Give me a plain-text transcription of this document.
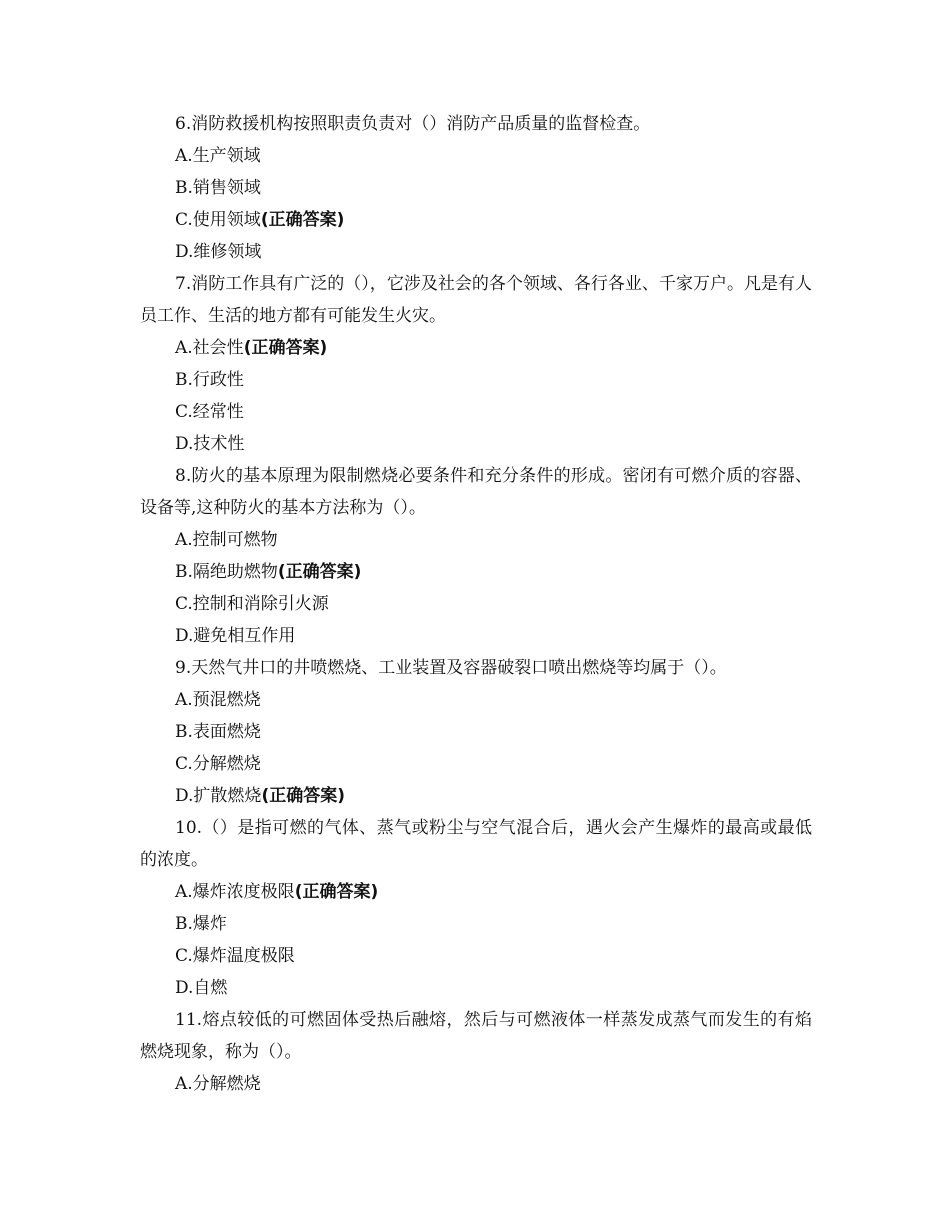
6.消防救援机构按照职责负责对（）消防产品质量的监督检查。

A.生产领域

B.销售领域

C.使用领域(正确答案)

D.维修领域

7.消防工作具有广泛的（），它涉及社会的各个领域、各行各业、千家万户。凡是有人员工作、生活的地方都有可能发生火灾。

A.社会性(正确答案)

B.行政性

C.经常性

D.技术性

8.防火的基本原理为限制燃烧必要条件和充分条件的形成。密闭有可燃介质的容器、设备等,这种防火的基本方法称为（）。

A.控制可燃物

B.隔绝助燃物(正确答案)

C.控制和消除引火源

D.避免相互作用

9.天然气井口的井喷燃烧、工业装置及容器破裂口喷出燃烧等均属于（）。

A.预混燃烧

B.表面燃烧

C.分解燃烧

D.扩散燃烧(正确答案)

10.（）是指可燃的气体、蒸气或粉尘与空气混合后，遇火会产生爆炸的最高或最低的浓度。

A.爆炸浓度极限(正确答案)

B.爆炸

C.爆炸温度极限

D.自燃

11.熔点较低的可燃固体受热后融熔，然后与可燃液体一样蒸发成蒸气而发生的有焰燃烧现象，称为（）。

A.分解燃烧
